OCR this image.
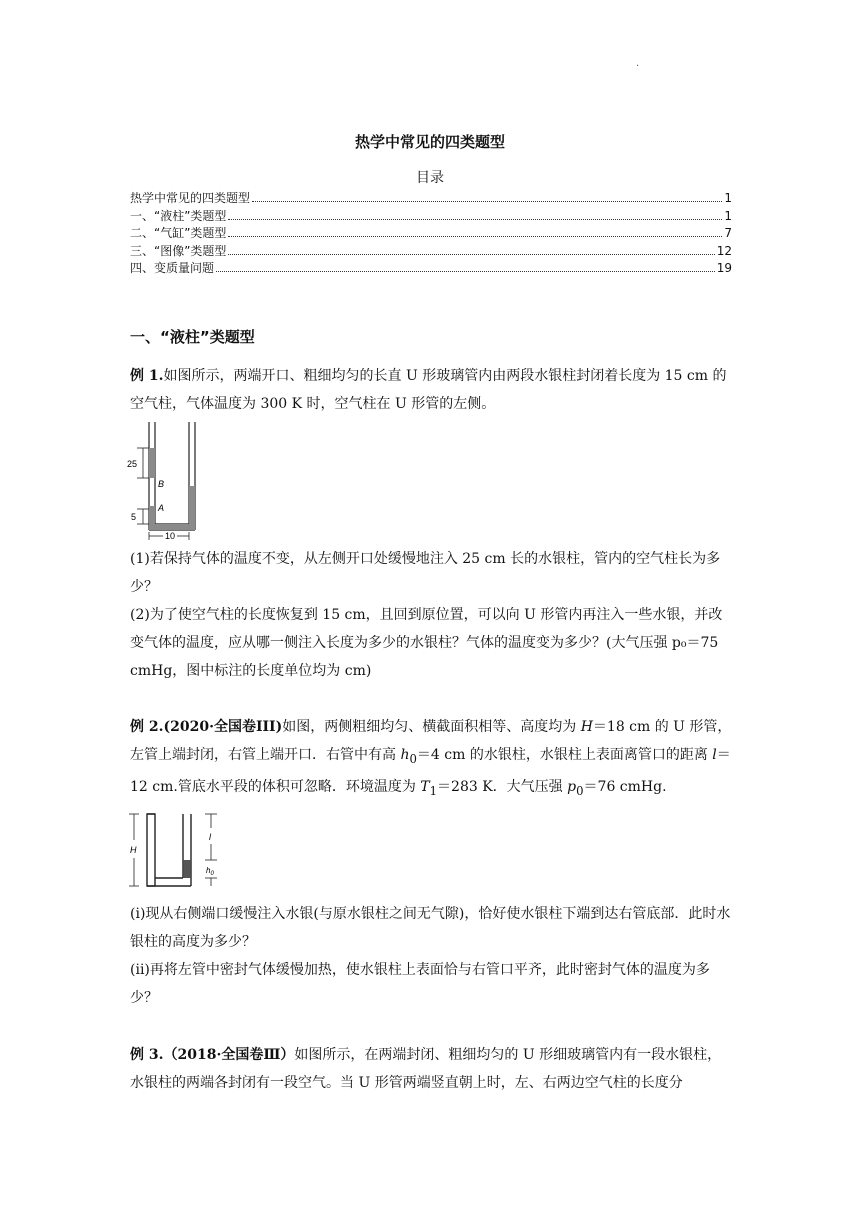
.
热学中常见的四类题型
目录
热学中常见的四类题型	1
一、“液柱”类题型	1
二、“气缸”类题型	7
三、“图像”类题型	12
四、变质量问题	19
一、“液柱”类题型

例 1.如图所示，两端开口、粗细均匀的长直 U 形玻璃管内由两段水银柱封闭着长度为 15 cm 的空气柱，气体温度为 300 K 时，空气柱在 U 形管的左侧。

25
5
B
A
10

(1)若保持气体的温度不变，从左侧开口处缓慢地注入 25 cm 长的水银柱，管内的空气柱长为多少？

(2)为了使空气柱的长度恢复到 15 cm，且回到原位置，可以向 U 形管内再注入一些水银，并改变气体的温度，应从哪一侧注入长度为多少的水银柱？气体的温度变为多少？(大气压强 p₀＝75 cmHg，图中标注的长度单位均为 cm)

例 2.(2020·全国卷III)如图，两侧粗细均匀、横截面积相等、高度均为 H＝18 cm 的 U 形管，左管上端封闭，右管上端开口．右管中有高 $h_0=4$ cm 的水银柱，水银柱上表面离管口的距离 l＝12 cm.管底水平段的体积可忽略．环境温度为 $T_1=283$ K．大气压强 $p_0=76$ cmHg.

H
l
$h_0$

(i)现从右侧端口缓慢注入水银(与原水银柱之间无气隙)，恰好使水银柱下端到达右管底部．此时水银柱的高度为多少？

(ii)再将左管中密封气体缓慢加热，使水银柱上表面恰与右管口平齐，此时密封气体的温度为多少？

例 3.（2018·全国卷Ⅲ）如图所示，在两端封闭、粗细均匀的 U 形细玻璃管内有一段水银柱，水银柱的两端各封闭有一段空气。当 U 形管两端竖直朝上时，左、右两边空气柱的长度分
